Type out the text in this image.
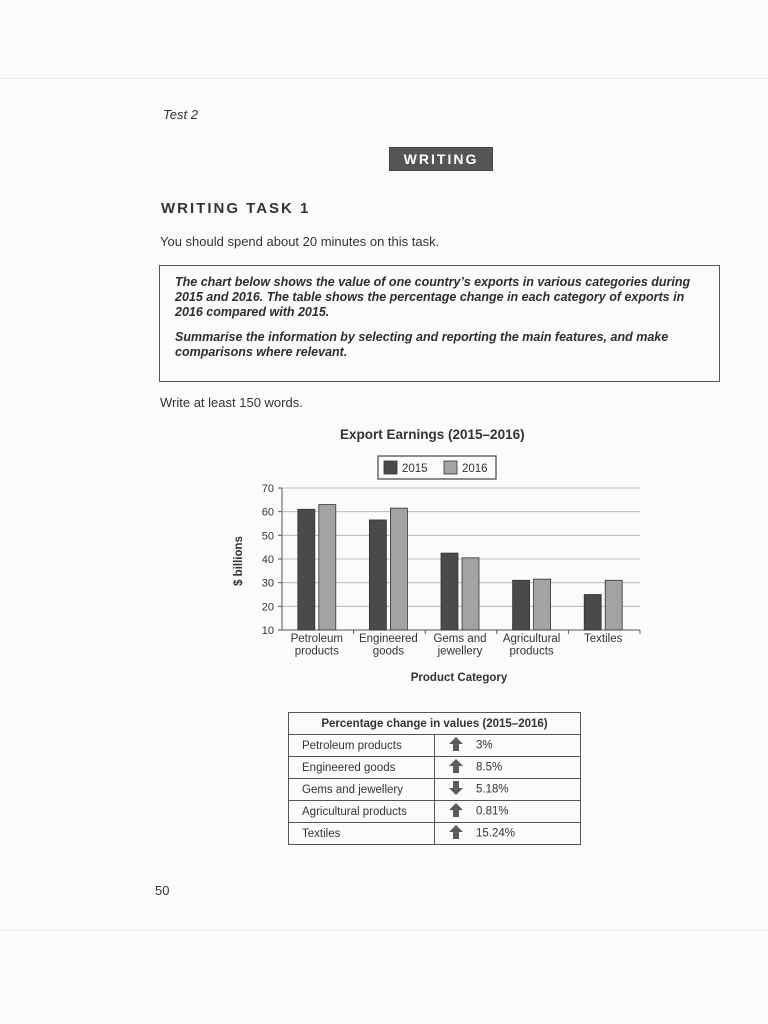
Test 2
WRITING
WRITING TASK 1
You should spend about 20 minutes on this task.

The chart below shows the value of one country’s exports in various categories during 2015 and 2016. The table shows the percentage change in each category of exports in 2016 compared with 2015.

Summarise the information by selecting and reporting the main features, and make comparisons where relevant.

Write at least 150 words.
Export Earnings (2015–2016)
10
20
30
40
50
60
70
$ billions
Petroleum
products
Engineered
goods
Gems and
jewellery
Agricultural
products
Textiles
Product Category
2015	2016
Percentage change in values (2015–2016)	
Petroleum products	3%
Engineered goods	8.5%
Gems and jewellery	5.18%
Agricultural products	0.81%
Textiles	15.24%
50
